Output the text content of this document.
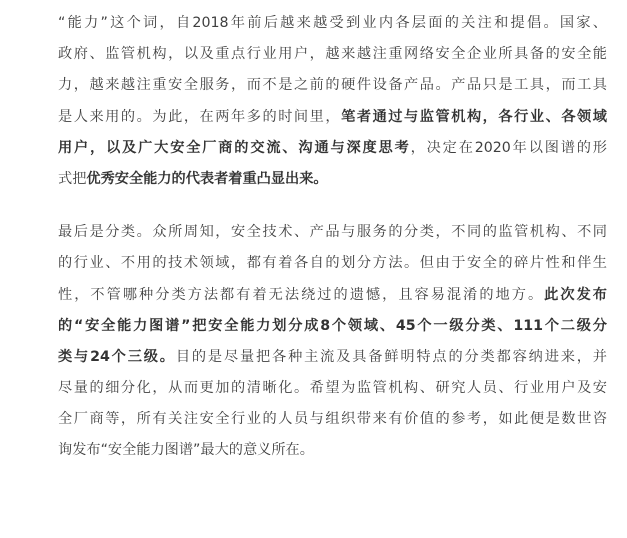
“能力”这个词，自2018年前后越来越受到业内各层面的关注和提倡。国家、
政府、监管机构，以及重点行业用户，越来越注重网络安全企业所具备的安全能
力，越来越注重安全服务，而不是之前的硬件设备产品。产品只是工具，而工具
是人来用的。为此，在两年多的时间里，笔者通过与监管机构，各行业、各领域
用户，以及广大安全厂商的交流、沟通与深度思考，决定在2020年以图谱的形
式把优秀安全能力的代表者着重凸显出来。
最后是分类。众所周知，安全技术、产品与服务的分类，不同的监管机构、不同
的行业、不用的技术领域，都有着各自的划分方法。但由于安全的碎片性和伴生
性，不管哪种分类方法都有着无法绕过的遗憾，且容易混淆的地方。此次发布
的“安全能力图谱”把安全能力划分成8个领域、45个一级分类、111个二级分
类与24个三级。目的是尽量把各种主流及具备鲜明特点的分类都容纳进来，并
尽量的细分化，从而更加的清晰化。希望为监管机构、研究人员、行业用户及安
全厂商等，所有关注安全行业的人员与组织带来有价值的参考，如此便是数世咨
询发布“安全能力图谱”最大的意义所在。
